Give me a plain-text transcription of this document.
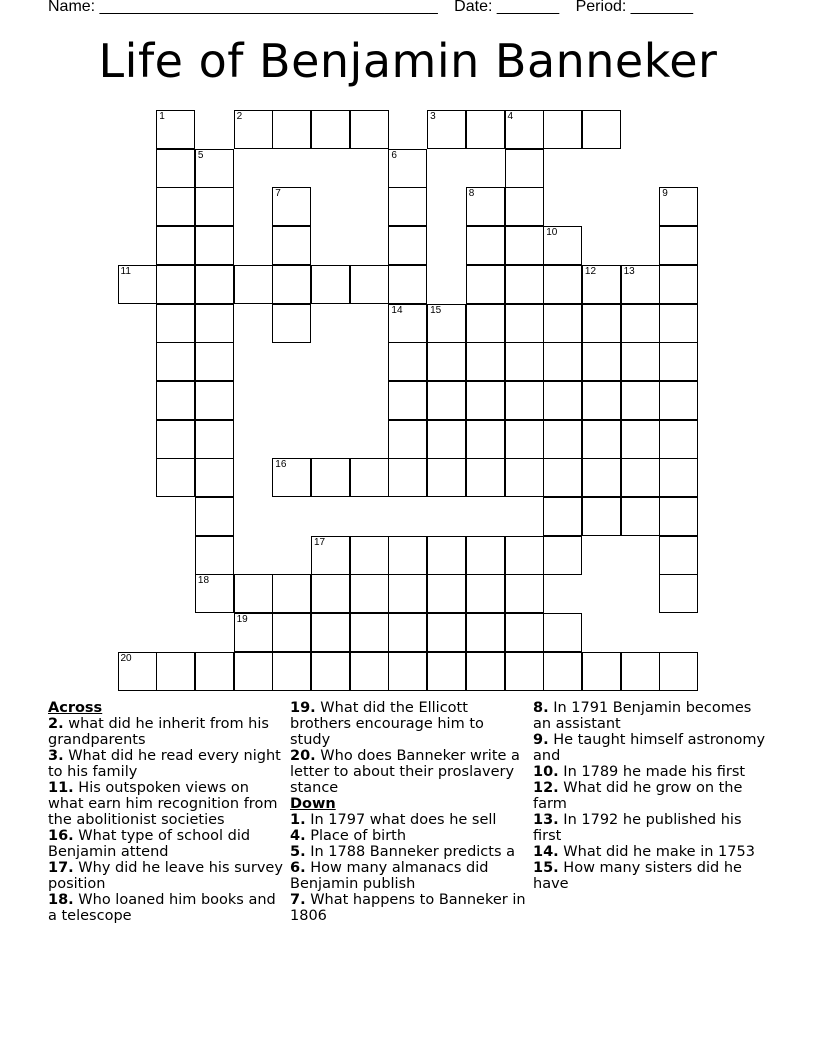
Name: ______________________________________ Date: _______ Period: _______
Life of Benjamin Banneker
1	2	3	4
5	6
7	8	9
10
11	12	13
14	15
16
17
18
19
20
Across
2. what did he inherit from his grandparents
3. What did he read every night to his family
11. His outspoken views on what earn him recognition from the abolitionist societies
16. What type of school did Benjamin attend
17. Why did he leave his survey position
18. Who loaned him books and a telescope
19. What did the Ellicott brothers encourage him to study
20. Who does Banneker write a letter to about their proslavery stance
Down
1. In 1797 what does he sell
4. Place of birth
5. In 1788 Banneker predicts a
6. How many almanacs did Benjamin publish
7. What happens to Banneker in 1806
8. In 1791 Benjamin becomes an assistant
9. He taught himself astronomy and
10. In 1789 he made his first
12. What did he grow on the farm
13. In 1792 he published his first
14. What did he make in 1753
15. How many sisters did he have
